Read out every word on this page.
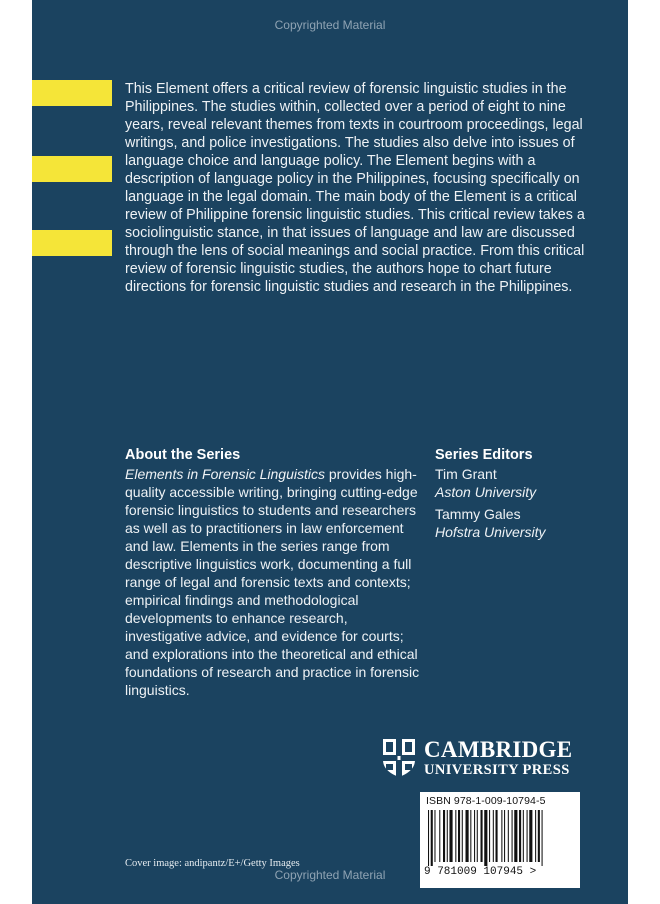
Copyrighted Material

This Element offers a critical review of forensic linguistic studies in the Philippines. The studies within, collected over a period of eight to nine years, reveal relevant themes from texts in courtroom proceedings, legal writings, and police investigations. The studies also delve into issues of language choice and language policy. The Element begins with a description of language policy in the Philippines, focusing specifically on language in the legal domain. The main body of the Element is a critical review of Philippine forensic linguistic studies. This critical review takes a sociolinguistic stance, in that issues of language and law are discussed through the lens of social meanings and social practice. From this critical review of forensic linguistic studies, the authors hope to chart future directions for forensic linguistic studies and research in the Philippines.

About the Series

Elements in Forensic Linguistics provides high-quality accessible writing, bringing cutting-edge forensic linguistics to students and researchers as well as to practitioners in law enforcement and law. Elements in the series range from descriptive linguistics work, documenting a full range of legal and forensic texts and contexts; empirical findings and methodological developments to enhance research, investigative advice, and evidence for courts; and explorations into the theoretical and ethical foundations of research and practice in forensic linguistics.

Series Editors
Tim Grant
Aston University
Tammy Gales
Hofstra University
CAMBRIDGE
UNIVERSITY PRESS
ISBN 978-1-009-10794-5
9 781009 107945 >
Cover image: andipantz/E+/Getty Images
Copyrighted Material
